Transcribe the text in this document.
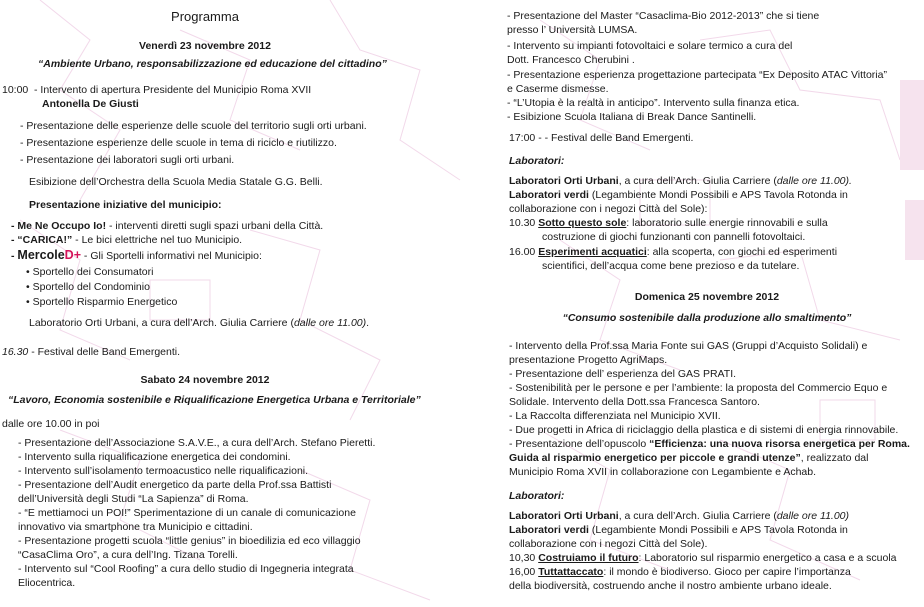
Programma
Venerdì 23 novembre 2012
“Ambiente Urbano, responsabilizzazione ed educazione del cittadino”
10:00 - Intervento di apertura Presidente del Municipio Roma XVII
Antonella De Giusti
- Presentazione delle esperienze delle scuole del territorio sugli orti urbani.
- Presentazione esperienze delle scuole in tema di riciclo e riutilizzo.
- Presentazione dei laboratori sugli orti urbani.
Esibizione dell’Orchestra della Scuola Media Statale G.G. Belli.
Presentazione iniziative del municipio:
- Me Ne Occupo Io! - interventi diretti sugli spazi urbani della Città.
- “CARICA!” - Le bici elettriche nel tuo Municipio.
- MercoleD+ - Gli Sportelli informativi nel Municipio:
• Sportello dei Consumatori
• Sportello del Condominio
• Sportello Risparmio Energetico
Laboratorio Orti Urbani, a cura dell’Arch. Giulia Carriere (dalle ore 11.00).
16.30 - Festival delle Band Emergenti.
Sabato 24 novembre 2012
“Lavoro, Economia sostenibile e Riqualificazione Energetica Urbana e Territoriale”
dalle ore 10.00 in poi
- Presentazione dell’Associazione S.A.V.E., a cura dell’Arch. Stefano Pieretti.
- Intervento sulla riqualificazione energetica dei condomini.
- Intervento sull’isolamento termoacustico nelle riqualificazioni.
- Presentazione dell’Audit energetico da parte della Prof.ssa Battisti
dell’Università degli Studi “La Sapienza” di Roma.
- “E mettiamoci un POI!” Sperimentazione di un canale di comunicazione
innovativo via smartphone tra Municipio e cittadini.
- Presentazione progetti scuola “little genius” in bioedilizia ed eco villaggio
“CasaClima Oro”, a cura dell’Ing. Tizana Torelli.
- Intervento sul “Cool Roofing” a cura dello studio di Ingegneria integrata
Eliocentrica.
- Presentazione del Master “Casaclima-Bio 2012-2013” che si tiene
presso l’ Università LUMSA.
- Intervento su impianti fotovoltaici e solare termico a cura del
Dott. Francesco Cherubini .
- Presentazione esperienza progettazione partecipata “Ex Deposito ATAC Vittoria”
e Caserme dismesse.
- “L’Utopia è la realtà in anticipo”. Intervento sulla finanza etica.
- Esibizione Scuola Italiana di Break Dance Santinelli.
17:00 - - Festival delle Band Emergenti.
Laboratori:
Laboratori Orti Urbani, a cura dell’Arch. Giulia Carriere (dalle ore 11.00).
Laboratori verdi (Legambiente Mondi Possibili e APS Tavola Rotonda in
collaborazione con i negozi Città del Sole):
10.30 Sotto questo sole: laboratorio sulle energie rinnovabili e sulla
costruzione di giochi funzionanti con pannelli fotovoltaici.
16.00 Esperimenti acquatici: alla scoperta, con giochi ed esperimenti
scientifici, dell’acqua come bene prezioso e da tutelare.
Domenica 25 novembre 2012
“Consumo sostenibile dalla produzione allo smaltimento”
- Intervento della Prof.ssa Maria Fonte sui GAS (Gruppi d’Acquisto Solidali) e
presentazione Progetto AgriMaps.
- Presentazione dell’ esperienza del GAS PRATI.
- Sostenibilità per le persone e per l’ambiente: la proposta del Commercio Equo e
Solidale. Intervento della Dott.ssa Francesca Santoro.
- La Raccolta differenziata nel Municipio XVII.
- Due progetti in Africa di riciclaggio della plastica e di sistemi di energia rinnovabile.
- Presentazione dell’opuscolo “Efficienza: una nuova risorsa energetica per Roma.
Guida al risparmio energetico per piccole e grandi utenze”, realizzato dal
Municipio Roma XVII in collaborazione con Legambiente e Achab.
Laboratori:
Laboratori Orti Urbani, a cura dell’Arch. Giulia Carriere (dalle ore 11.00)
Laboratori verdi (Legambiente Mondi Possibili e APS Tavola Rotonda in
collaborazione con i negozi Città del Sole).
10,30 Costruiamo il futuro: Laboratorio sul risparmio energetico a casa e a scuola
16,00 Tuttattaccato: il mondo è biodiverso. Gioco per capire l’importanza
della biodiversità, costruendo anche il nostro ambiente urbano ideale.
